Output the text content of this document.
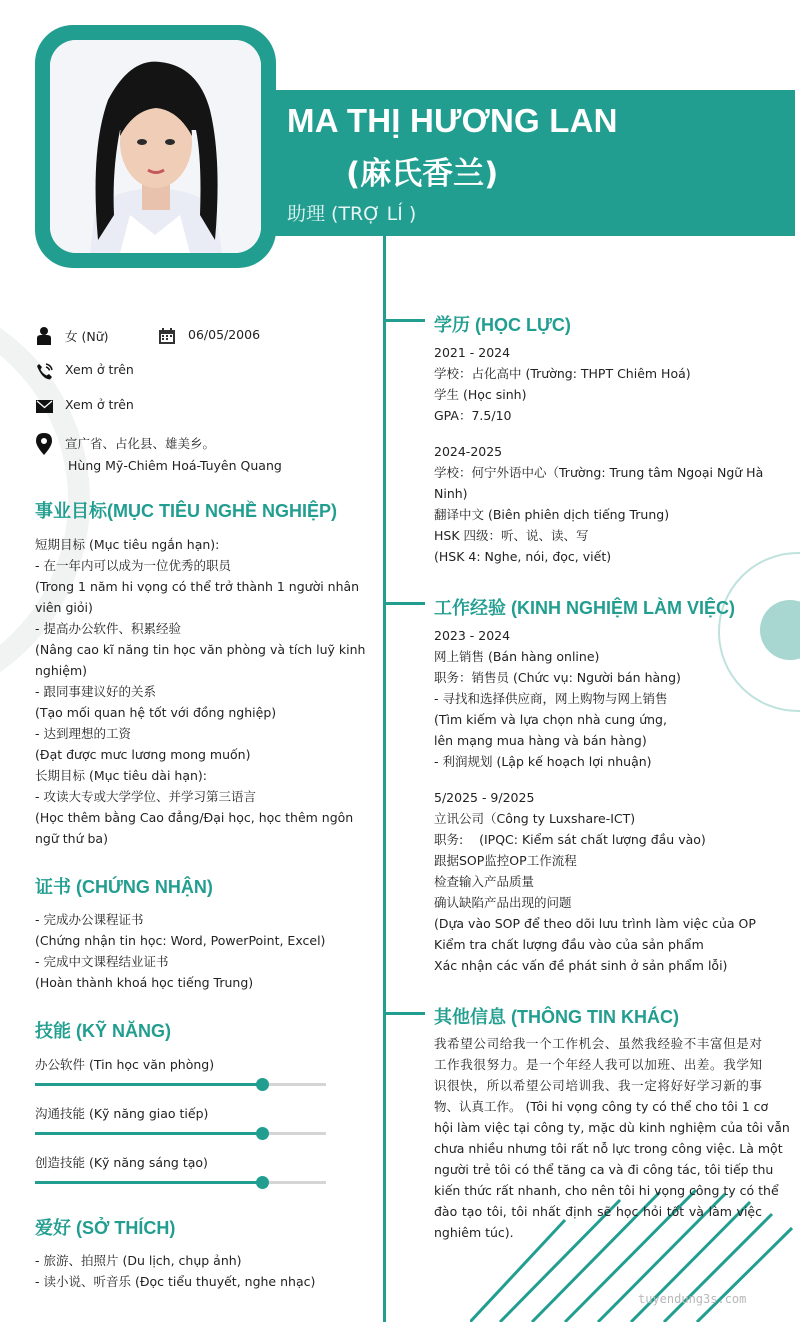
MA THỊ HƯƠNG LAN
(麻氏香兰)
助理 (TRỢ LÍ )
女 (Nữ)	06/05/2006
Xem ở trên
Xem ở trên
宣广省、占化县、雄美乡。
Hùng Mỹ-Chiêm Hoá-Tuyên Quang
事业目标(MỤC TIÊU NGHỀ NGHIỆP)
短期目标 (Mục tiêu ngắn hạn):
- 在一年内可以成为一位优秀的职员
(Trong 1 năm hi vọng có thể trở thành 1 người nhân
viên giỏi)
- 提高办公软件、积累经验
(Nâng cao kĩ năng tin học văn phòng và tích luỹ kinh
nghiệm)
- 跟同事建议好的关系
(Tạo mối quan hệ tốt với đồng nghiệp)
- 达到理想的工资
(Đạt được mưc lương mong muốn)
长期目标 (Mục tiêu dài hạn):
- 攻读大专或大学学位、并学习第三语言
(Học thêm bằng Cao đẳng/Đại học, học thêm ngôn
ngữ thứ ba)
证书 (CHỨNG NHẬN)
- 完成办公课程证书
(Chứng nhận tin học: Word, PowerPoint, Excel)
- 完成中文课程结业证书
(Hoàn thành khoá học tiếng Trung)
技能 (KỸ NĂNG)
办公软件 (Tin học văn phòng)
沟通技能 (Kỹ năng giao tiếp)
创造技能 (Kỹ năng sáng tạo)
爱好 (SỞ THÍCH)
- 旅游、拍照片 (Du lịch, chụp ảnh)
- 读小说、听音乐 (Đọc tiểu thuyết, nghe nhạc)
学历 (HỌC LỰC)
2021 - 2024
学校：占化高中 (Trường: THPT Chiêm Hoá)
学生 (Học sinh)
GPA：7.5/10
2024-2025
学校：何宁外语中心（Trường: Trung tâm Ngoại Ngữ Hà
Ninh)
翻译中文 (Biên phiên dịch tiếng Trung)
HSK 四级：听、说、读、写
(HSK 4: Nghe, nói, đọc, viết)
工作经验 (KINH NGHIỆM LÀM VIỆC)
2023 - 2024
网上销售 (Bán hàng online)
职务：销售员 (Chức vụ: Người bán hàng)
- 寻找和选择供应商，网上购物与网上销售
(Tìm kiếm và lựa chọn nhà cung ứng,
lên mạng mua hàng và bán hàng)
- 利润规划 (Lập kế hoạch lợi nhuận)
5/2025 - 9/2025
立讯公司（Công ty Luxshare-ICT)
职务:    (IPQC: Kiểm sát chất lượng đầu vào)
跟据SOP监控OP工作流程
检查输入产品质量
确认缺陷产品出现的问题
(Dựa vào SOP để theo dõi lưu trình làm việc của OP
Kiểm tra chất lượng đầu vào của sản phẩm
Xác nhận các vấn đề phát sinh ở sản phẩm lỗi)
其他信息 (THÔNG TIN KHÁC)
我希望公司给我一个工作机会、虽然我经验不丰富但是对
工作我很努力。是一个年经人我可以加班、出差。我学知
识很快，所以希望公司培训我、我一定将好好学习新的事
物、认真工作。 (Tôi hi vọng công ty có thể cho tôi 1 cơ
hội làm việc tại công ty, mặc dù kinh nghiệm của tôi vẫn
chưa nhiều nhưng tôi rất nỗ lực trong công việc. Là một
người trẻ tôi có thể tăng ca và đi công tác, tôi tiếp thu
kiến thức rất nhanh, cho nên tôi hi vọng công ty có thể
đào tạo tôi, tôi nhất định sẽ học hỏi tốt và làm việc
nghiêm túc).
tuyendung3s.com
